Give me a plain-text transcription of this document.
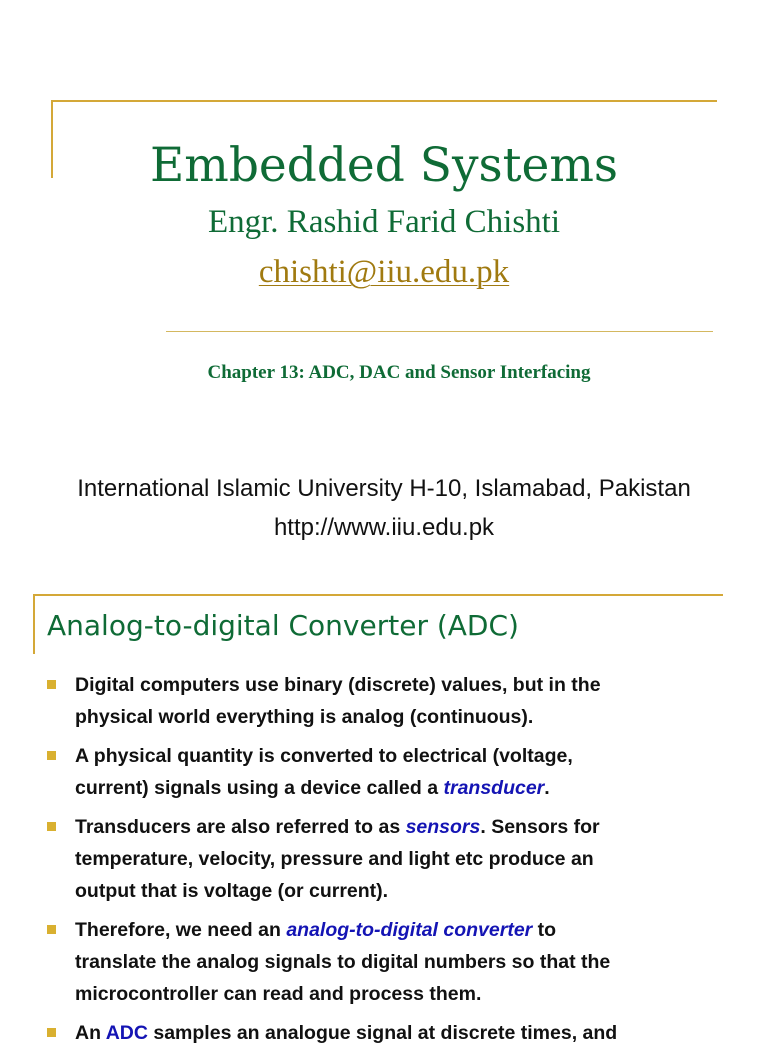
Embedded Systems
Engr. Rashid Farid Chishti
chishti@iiu.edu.pk
Chapter 13: ADC, DAC and Sensor Interfacing
International Islamic University H-10, Islamabad, Pakistan
http://www.iiu.edu.pk
Analog-to-digital Converter (ADC)
Digital computers use binary (discrete) values, but in the
physical world everything is analog (continuous).
A physical quantity is converted to electrical (voltage,
current) signals using a device called a transducer.
Transducers are also referred to as sensors. Sensors for
temperature, velocity, pressure and light etc produce an
output that is voltage (or current).
Therefore, we need an analog-to-digital converter to
translate the analog signals to digital numbers so that the
microcontroller can read and process them.
An ADC samples an analogue signal at discrete times, and
